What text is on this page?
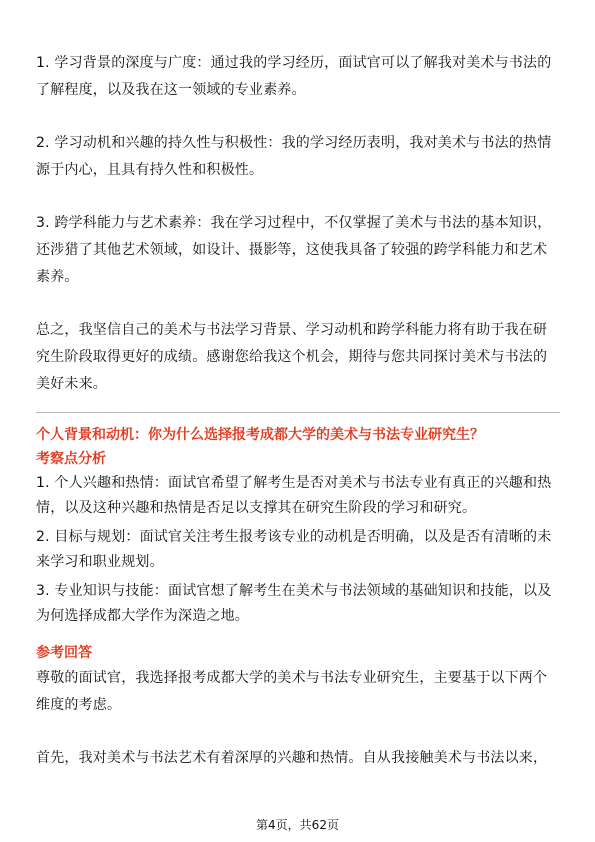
1. 学习背景的深度与广度：通过我的学习经历，面试官可以了解我对美术与书法的了解程度，以及我在这一领域的专业素养。

2. 学习动机和兴趣的持久性与积极性：我的学习经历表明，我对美术与书法的热情源于内心，且具有持久性和积极性。

3. 跨学科能力与艺术素养：我在学习过程中，不仅掌握了美术与书法的基本知识，还涉猎了其他艺术领域，如设计、摄影等，这使我具备了较强的跨学科能力和艺术素养。

总之，我坚信自己的美术与书法学习背景、学习动机和跨学科能力将有助于我在研究生阶段取得更好的成绩。感谢您给我这个机会，期待与您共同探讨美术与书法的美好未来。

个人背景和动机：你为什么选择报考成都大学的美术与书法专业研究生？

考察点分析

1. 个人兴趣和热情：面试官希望了解考生是否对美术与书法专业有真正的兴趣和热情，以及这种兴趣和热情是否足以支撑其在研究生阶段的学习和研究。

2. 目标与规划：面试官关注考生报考该专业的动机是否明确，以及是否有清晰的未来学习和职业规划。

3. 专业知识与技能：面试官想了解考生在美术与书法领域的基础知识和技能，以及为何选择成都大学作为深造之地。

参考回答

尊敬的面试官，我选择报考成都大学的美术与书法专业研究生，主要基于以下两个维度的考虑。

首先，我对美术与书法艺术有着深厚的兴趣和热情。自从我接触美术与书法以来，

第4页，共62页
